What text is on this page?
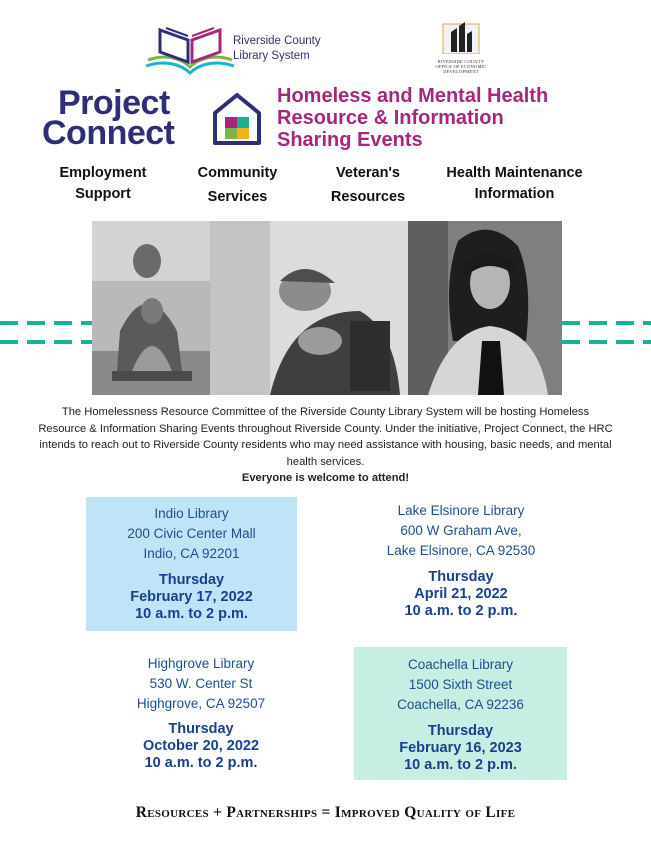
Riverside County
Library System	RIVERSIDE COUNTY
OFFICE OF ECONOMIC DEVELOPMENT
Project
Connect
Homeless and Mental Health
Resource & Information
Sharing Events
Employment
Support
Community
Services
Veteran's
Resources
Health Maintenance
Information
The Homelessness Resource Committee of the Riverside County Library System will be hosting Homeless Resource & Information Sharing Events throughout Riverside County. Under the initiative, Project Connect, the HRC intends to reach out to Riverside County residents who may need assistance with housing, basic needs, and mental health services.
Everyone is welcome to attend!
Indio Library
200 Civic Center Mall
Indio, CA 92201
Thursday
February 17, 2022
10 a.m. to 2 p.m.
Lake Elsinore Library
600 W Graham Ave,
Lake Elsinore, CA 92530
Thursday
April 21, 2022
10 a.m. to 2 p.m.
Highgrove Library
530 W. Center St
Highgrove, CA 92507
Thursday
October 20, 2022
10 a.m. to 2 p.m.
Coachella Library
1500 Sixth Street
Coachella, CA 92236
Thursday
February 16, 2023
10 a.m. to 2 p.m.
Resources + Partnerships = Improved Quality of Life
